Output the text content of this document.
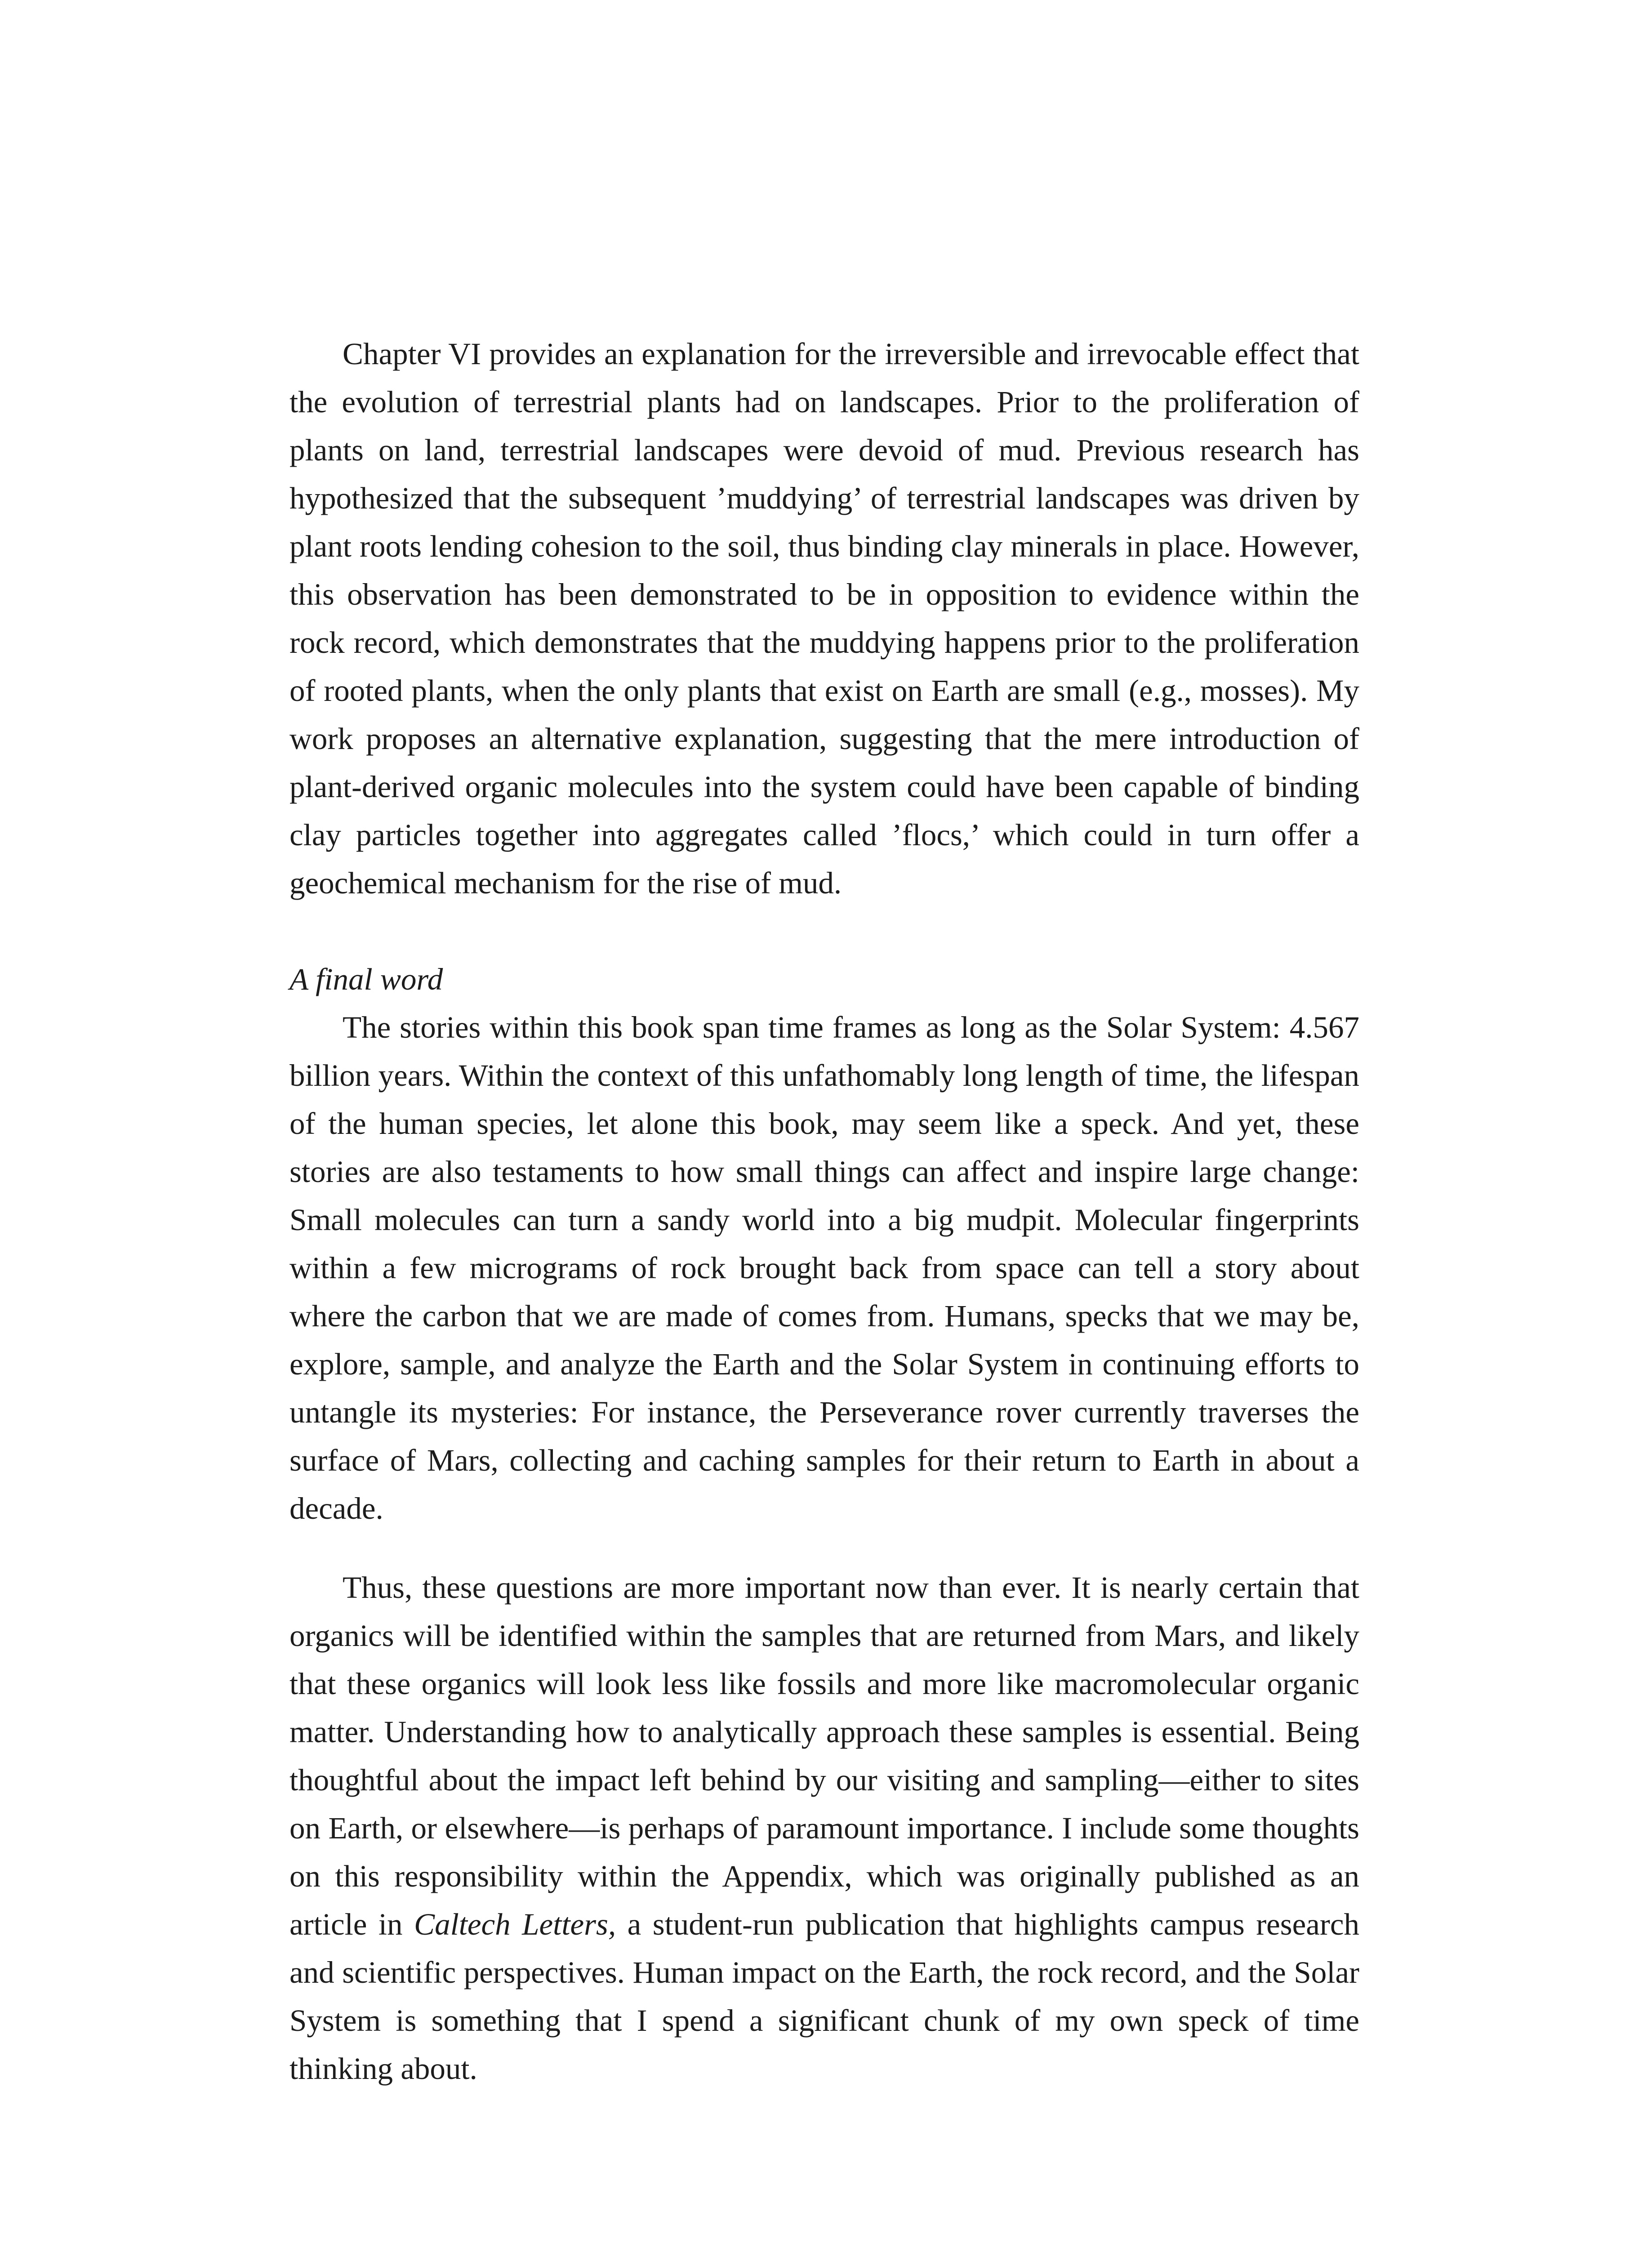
Chapter VI provides an explanation for the irreversible and irrevocable effect that the evolution of terrestrial plants had on landscapes. Prior to the proliferation of plants on land, terrestrial landscapes were devoid of mud. Previous research has hypothesized that the subsequent ’muddying’ of terrestrial landscapes was driven by plant roots lending cohesion to the soil, thus binding clay minerals in place. However, this observation has been demonstrated to be in opposition to evidence within the rock record, which demonstrates that the muddying happens prior to the proliferation of rooted plants, when the only plants that exist on Earth are small (e.g., mosses). My work proposes an alternative explanation, suggesting that the mere introduction of plant-derived organic molecules into the system could have been capable of binding clay particles together into aggregates called ’flocs,’ which could in turn offer a geochemical mechanism for the rise of mud.

A final word

The stories within this book span time frames as long as the Solar System: 4.567 billion years. Within the context of this unfathomably long length of time, the lifespan of the human species, let alone this book, may seem like a speck. And yet, these stories are also testaments to how small things can affect and inspire large change: Small molecules can turn a sandy world into a big mudpit. Molecular fingerprints within a few micrograms of rock brought back from space can tell a story about where the carbon that we are made of comes from. Humans, specks that we may be, explore, sample, and analyze the Earth and the Solar System in continuing efforts to untangle its mysteries: For instance, the Perseverance rover currently traverses the surface of Mars, collecting and caching samples for their return to Earth in about a decade.

Thus, these questions are more important now than ever. It is nearly certain that organics will be identified within the samples that are returned from Mars, and likely that these organics will look less like fossils and more like macromolecular organic matter. Understanding how to analytically approach these samples is essential. Being thoughtful about the impact left behind by our visiting and sampling—either to sites on Earth, or elsewhere—is perhaps of paramount importance. I include some thoughts on this responsibility within the Appendix, which was originally published as an article in Caltech Letters, a student-run publication that highlights campus research and scientific perspectives. Human impact on the Earth, the rock record, and the Solar System is something that I spend a significant chunk of my own speck of time thinking about.
